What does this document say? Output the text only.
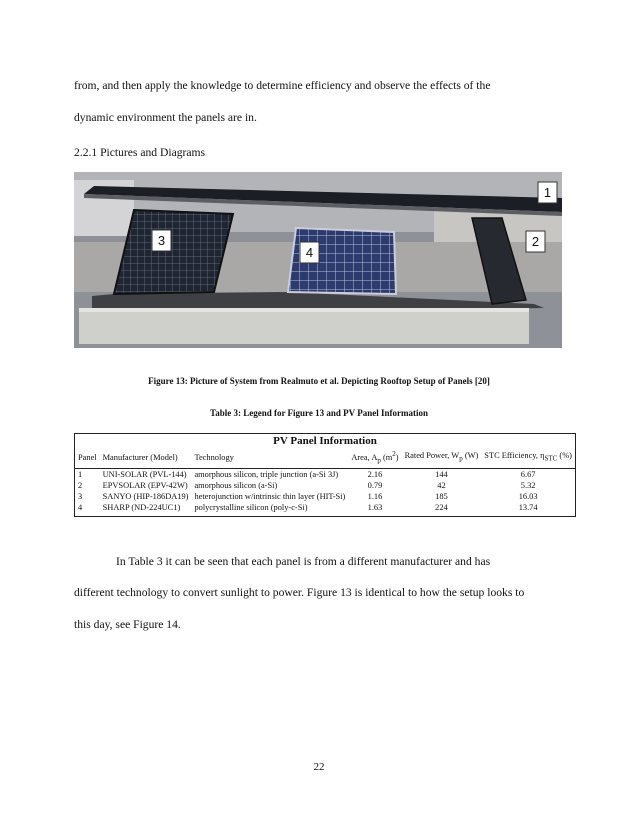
from, and then apply the knowledge to determine efficiency and observe the effects of the
dynamic environment the panels are in.
2.2.1 Pictures and Diagrams
1
2
3
4
Figure 13: Picture of System from Realmuto et al. Depicting Rooftop Setup of Panels [20]
Table 3: Legend for Figure 13 and PV Panel Information
PV Panel Information					
Panel	Manufacturer (Model)	Technology	Area, $A_p$ $(m^2)$	Rated Power, $W_p$ (W)	STC Efficiency, $\eta_{STC}$ (%)
1	UNI-SOLAR (PVL-144)	amorphous silicon, triple junction (a-Si 3J)	2.16	144	6.67
2	EPVSOLAR (EPV-42W)	amorphous silicon (a-Si)	0.79	42	5.32
3	SANYO (HIP-186DA19)	heterojunction w/intrinsic thin layer (HIT-Si)	1.16	185	16.03
4	SHARP (ND-224UC1)	polycrystalline silicon (poly-c-Si)	1.63	224	13.74
In Table 3 it can be seen that each panel is from a different manufacturer and has
different technology to convert sunlight to power. Figure 13 is identical to how the setup looks to
this day, see Figure 14.
22
